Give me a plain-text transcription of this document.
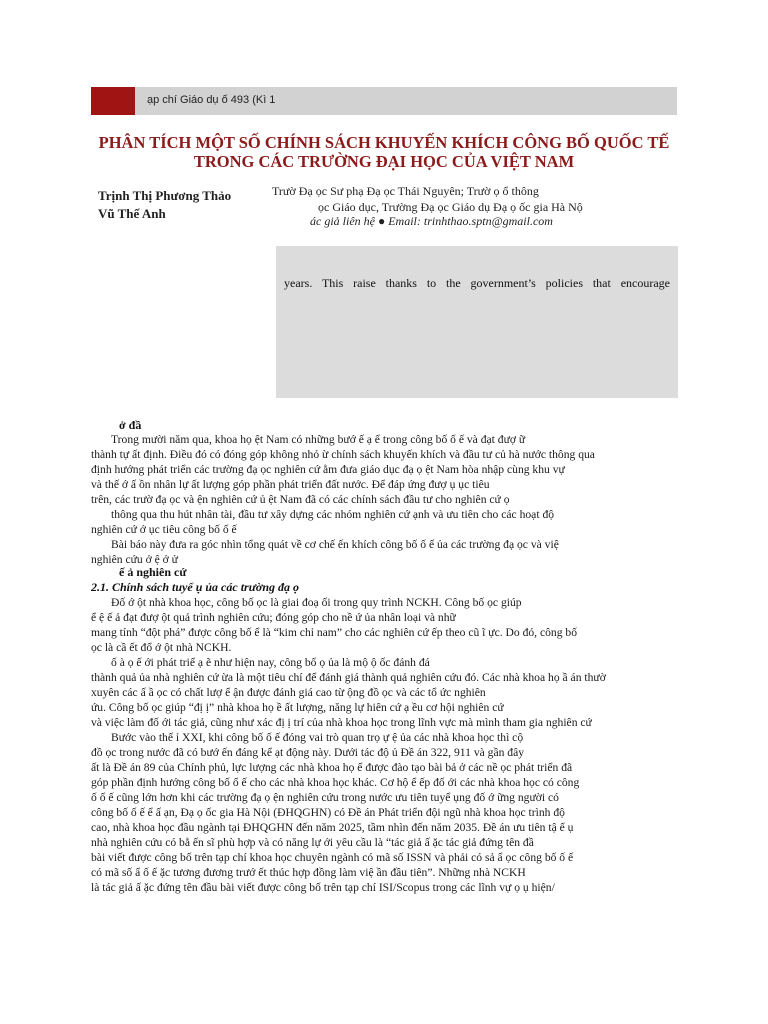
ạp chí Giáo dụ ố 493 (Kì 1
PHÂN TÍCH MỘT SỐ CHÍNH SÁCH KHUYẾN KHÍCH CÔNG BỐ QUỐC TẾ
TRONG CÁC TRƯỜNG ĐẠI HỌC CỦA VIỆT NAM
Trịnh Thị Phương Thảo
Vũ Thế Anh
Trườ Đạ ọc Sư phạ Đạ ọc Thái Nguyên; Trườ ọ ổ thông
ọc Giáo dục, Trường Đạ ọc Giáo dụ Đạ ọ ốc gia Hà Nộ
ác giả liên hệ ● Email: trinhthao.sptn@gmail.com
years. This raise thanks to the government’s policies that encourage
ở đầ
Trong mười năm qua, khoa họ ệt Nam có những bướ ế ạ ể trong công bố ố ế và đạt đượ ữ
thành tự ất định. Điều đó có đóng góp không nhỏ ừ chính sách khuyến khích và đầu tư củ hà nước thông qua
định hướng phát triển các trường đạ ọc nghiên cứ ằm đưa giáo dục đạ ọ ệt Nam hòa nhập cùng khu vự
và thế ớ ấ ồn nhân lự ất lượng góp phần phát triển đất nước. Để đáp ứng đượ ụ ục tiêu
trên, các trườ đạ ọc và ện nghiên cứ ủ ệt Nam đã có các chính sách đầu tư cho nghiên cứ ọ
thông qua thu hút nhân tài, đầu tư xây dựng các nhóm nghiên cứ ạnh và ưu tiên cho các hoạt độ
nghiên cứ ớ ục tiêu công bố ố ế
Bài báo này đưa ra góc nhìn tổng quát về cơ chế ến khích công bố ố ế ủa các trường đạ ọc và việ
nghiên cứu ở ệ ở ử
ế ả nghiên cứ
2.1. Chính sách tuyể ụ ủa các trường đạ ọ
Đố ớ ột nhà khoa học, công bố ọc là giai đoạ ối trong quy trình NCKH. Công bố ọc giúp
ể ệ ế ả đạt đượ ột quả trình nghiên cứu; đóng góp cho nề ứ ủa nhân loại và nhữ
mang tính “đột phá” được công bố ể là “kim chỉ nam” cho các nghiên cứ ếp theo cũ ĩ ực. Do đó, công bố
ọc là cầ ết đổ ớ ột nhà NCKH.
ố à ọ ế ới phát triể ạ ẽ như hiện nay, công bố ọ ủa là mộ ộ ốc đánh đá
thành quả ủa nhà nghiên cứ ừa là một tiêu chí để đánh giá thành quả nghiên cứu đó. Các nhà khoa họ ầ án thườ
xuyên các ấ ầ ọc có chất lượ ể ận được đánh giá cao từ ộng đồ ọc và các tổ ức nghiên
ứu. Công bố ọc giúp “đị ị” nhà khoa họ ề ất lượng, năng lự hiên cứ ạ ều cơ hội nghiên cứ
và việc làm đố ới tác giả, cũng như xác đị ị trí của nhà khoa học trong lĩnh vực mà mình tham gia nghiên cứ
Bước vào thế ỉ XXI, khi công bố ố ế đóng vai trò quan trọ ự ệ ủa các nhà khoa học thì cộ
đồ ọc trong nước đã có bướ ến đáng kể ạt động này. Dưới tác độ ủ Đề án 322, 911 và gần đây
ất là Đề án 89 của Chính phủ, lực lượng các nhà khoa họ ể được đào tạo bài bả ở các nề ọc phát triển đã
góp phần định hướng công bố ố ế cho các nhà khoa học khác. Cơ hộ ể ếp đố ới các nhà khoa học có công
ố ố ế cũng lớn hơn khi các trường đạ ọ ện nghiên cứu trong nước ưu tiên tuyể ụng đố ớ ững người có
công bố ố ế ể ấ ạn, Đạ ọ ốc gia Hà Nội (ĐHQGHN) có Đề án Phát triển đội ngũ nhà khoa học trình độ
cao, nhà khoa học đầu ngành tại ĐHQGHN đến năm 2025, tầm nhìn đến năm 2035. Đề án ưu tiên tậ ể ụ
nhà nghiên cứu có bằ ến sĩ phù hợp và có năng lự ới yêu cầu là “tác giả ấ ặc tác giả đứng tên đầ
bài viết được công bố trên tạp chí khoa học chuyên ngành có mã số ISSN và phải có sả ẩ ọc công bố ố ế
có mã số ẩ ố ế ặc tương đương trướ ết thúc hợp đồng làm việ ần đầu tiên”. Những nhà NCKH
là tác giả ấ ặc đứng tên đầu bài viết được công bố trên tạp chí ISI/Scopus trong các lĩnh vự ọ ụ hiện/
